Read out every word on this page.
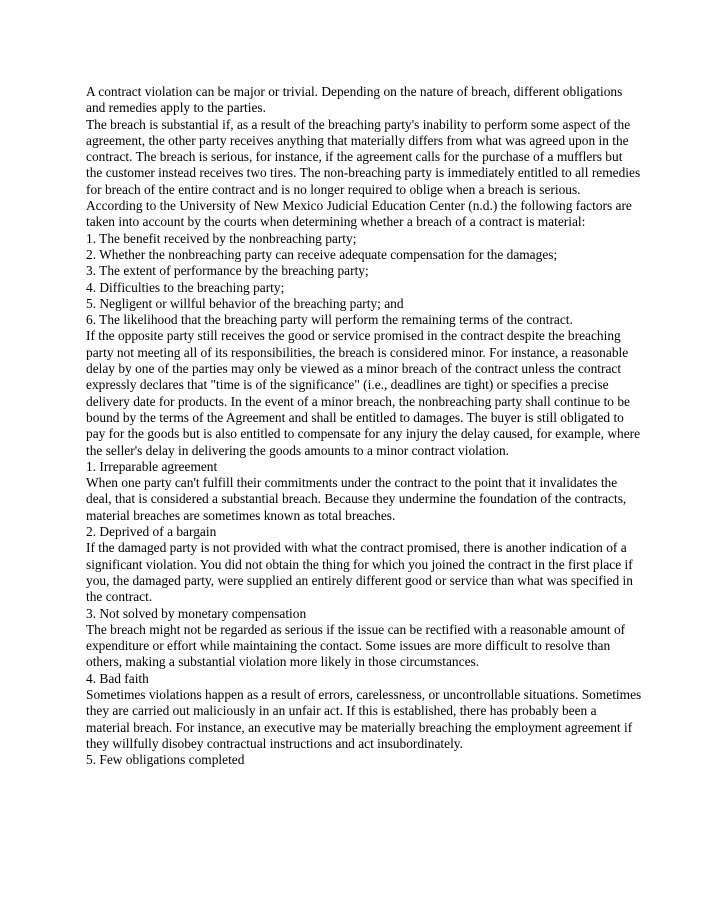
A contract violation can be major or trivial. Depending on the nature of breach, different obligations and remedies apply to the parties.

The breach is substantial if, as a result of the breaching party's inability to perform some aspect of the agreement, the other party receives anything that materially differs from what was agreed upon in the contract. The breach is serious, for instance, if the agreement calls for the purchase of a mufflers but the customer instead receives two tires. The non-breaching party is immediately entitled to all remedies for breach of the entire contract and is no longer required to oblige when a breach is serious.

According to the University of New Mexico Judicial Education Center (n.d.) the following factors are taken into account by the courts when determining whether a breach of a contract is material:

1. The benefit received by the nonbreaching party;

2. Whether the nonbreaching party can receive adequate compensation for the damages;

3. The extent of performance by the breaching party;

4. Difficulties to the breaching party;

5. Negligent or willful behavior of the breaching party; and

6. The likelihood that the breaching party will perform the remaining terms of the contract.

If the opposite party still receives the good or service promised in the contract despite the breaching party not meeting all of its responsibilities, the breach is considered minor. For instance, a reasonable delay by one of the parties may only be viewed as a minor breach of the contract unless the contract expressly declares that "time is of the significance" (i.e., deadlines are tight) or specifies a precise delivery date for products. In the event of a minor breach, the nonbreaching party shall continue to be bound by the terms of the Agreement and shall be entitled to damages. The buyer is still obligated to pay for the goods but is also entitled to compensate for any injury the delay caused, for example, where the seller's delay in delivering the goods amounts to a minor contract violation.

1. Irreparable agreement

When one party can't fulfill their commitments under the contract to the point that it invalidates the deal, that is considered a substantial breach. Because they undermine the foundation of the contracts, material breaches are sometimes known as total breaches.

2. Deprived of a bargain

If the damaged party is not provided with what the contract promised, there is another indication of a significant violation. You did not obtain the thing for which you joined the contract in the first place if you, the damaged party, were supplied an entirely different good or service than what was specified in the contract.

3. Not solved by monetary compensation

The breach might not be regarded as serious if the issue can be rectified with a reasonable amount of expenditure or effort while maintaining the contact. Some issues are more difficult to resolve than others, making a substantial violation more likely in those circumstances.

4. Bad faith

Sometimes violations happen as a result of errors, carelessness, or uncontrollable situations. Sometimes they are carried out maliciously in an unfair act. If this is established, there has probably been a material breach. For instance, an executive may be materially breaching the employment agreement if they willfully disobey contractual instructions and act insubordinately.

5. Few obligations completed
